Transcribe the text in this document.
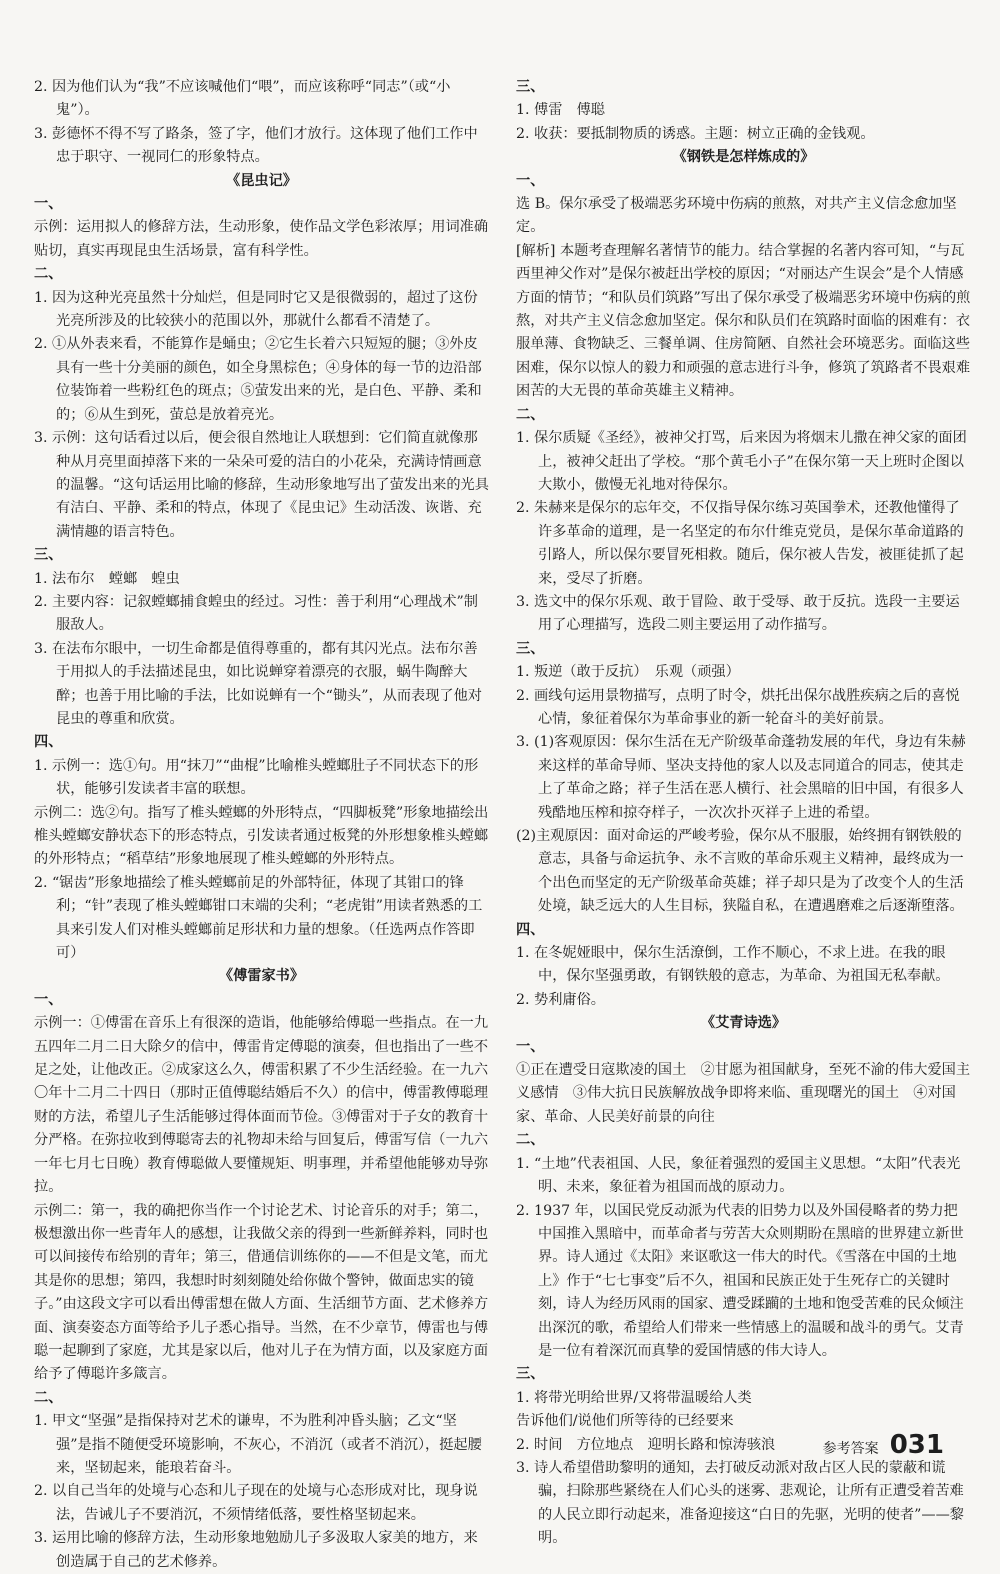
2. 因为他们认为“我”不应该喊他们“喂”，而应该称呼“同志”（或“小鬼”）。

3. 彭德怀不得不写了路条，签了字，他们才放行。这体现了他们工作中忠于职守、一视同仁的形象特点。

《昆虫记》

一、

示例：运用拟人的修辞方法，生动形象，使作品文学色彩浓厚；用词准确贴切，真实再现昆虫生活场景，富有科学性。

二、

1. 因为这种光亮虽然十分灿烂，但是同时它又是很微弱的，超过了这份光亮所涉及的比较狭小的范围以外，那就什么都看不清楚了。

2. ①从外表来看，不能算作是蛹虫；②它生长着六只短短的腿；③外皮具有一些十分美丽的颜色，如全身黑棕色；④身体的每一节的边沿部位装饰着一些粉红色的斑点；⑤萤发出来的光，是白色、平静、柔和的；⑥从生到死，萤总是放着亮光。

3. 示例：这句话看过以后，便会很自然地让人联想到：它们简直就像那种从月亮里面掉落下来的一朵朵可爱的洁白的小花朵，充满诗情画意的温馨。“这句话运用比喻的修辞，生动形象地写出了萤发出来的光具有洁白、平静、柔和的特点，体现了《昆虫记》生动活泼、诙谐、充满情趣的语言特色。

三、

1. 法布尔　螳螂　蝗虫

2. 主要内容：记叙螳螂捕食蝗虫的经过。习性：善于利用“心理战术”制服敌人。

3. 在法布尔眼中，一切生命都是值得尊重的，都有其闪光点。法布尔善于用拟人的手法描述昆虫，如比说蝉穿着漂亮的衣服，蜗牛陶醉大醉；也善于用比喻的手法，比如说蝉有一个“锄头”，从而表现了他对昆虫的尊重和欣赏。

四、

1. 示例一：选①句。用“抹刀”“曲棍”比喻椎头螳螂肚子不同状态下的形状，能够引发读者丰富的联想。

示例二：选②句。指写了椎头螳螂的外形特点，“四脚板凳”形象地描绘出椎头螳螂安静状态下的形态特点，引发读者通过板凳的外形想象椎头螳螂的外形特点；“稻草结”形象地展现了椎头螳螂的外形特点。

2. “锯齿”形象地描绘了椎头螳螂前足的外部特征，体现了其钳口的锋利；“针”表现了椎头螳螂钳口末端的尖利；“老虎钳”用读者熟悉的工具来引发人们对椎头螳螂前足形状和力量的想象。（任选两点作答即可）

《傅雷家书》

一、

示例一：①傅雷在音乐上有很深的造诣，他能够给傅聪一些指点。在一九五四年二月二日大除夕的信中，傅雷肯定傅聪的演奏，但也指出了一些不足之处，让他改正。②成家这么久，傅雷积累了不少生活经验。在一九六〇年十二月二十四日（那时正值傅聪结婚后不久）的信中，傅雷教傅聪理财的方法，希望儿子生活能够过得体面而节俭。③傅雷对于子女的教育十分严格。在弥拉收到傅聪寄去的礼物却未给与回复后，傅雷写信（一九六一年七月七日晚）教育傅聪做人要懂规矩、明事理，并希望他能够劝导弥拉。

示例二：第一，我的确把你当作一个讨论艺术、讨论音乐的对手；第二，极想激出你一些青年人的感想，让我做父亲的得到一些新鲜养料，同时也可以间接传布给别的青年；第三，借通信训练你的——不但是文笔，而尤其是你的思想；第四，我想时时刻刻随处给你做个警钟，做面忠实的镜子。”由这段文字可以看出傅雷想在做人方面、生活细节方面、艺术修养方面、演奏姿态方面等给予儿子悉心指导。当然，在不少章节，傅雷也与傅聪一起聊到了家庭，尤其是家以后，他对儿子在为情方面，以及家庭方面给予了傅聪许多箴言。

二、

1. 甲文“坚强”是指保持对艺术的谦卑，不为胜利冲昏头脑；乙文“坚强”是指不随便受环境影响，不灰心，不消沉（或者不消沉），挺起腰来，坚韧起来，能琅若奋斗。

2. 以自己当年的处境与心态和儿子现在的处境与心态形成对比，现身说法，告诫儿子不要消沉，不须情绪低落，要性格坚韧起来。

3. 运用比喻的修辞方法，生动形象地勉励儿子多汲取人家美的地方，来创造属于自己的艺术修养。

三、

1. 傅雷　傅聪

2. 收获：要抵制物质的诱惑。主题：树立正确的金钱观。

《钢铁是怎样炼成的》

一、

选 B。保尔承受了极端恶劣环境中伤病的煎熬，对共产主义信念愈加坚定。

[解析] 本题考查理解名著情节的能力。结合掌握的名著内容可知，“与瓦西里神父作对”是保尔被赶出学校的原因；“对丽达产生误会”是个人情感方面的情节；“和队员们筑路”写出了保尔承受了极端恶劣环境中伤病的煎熬，对共产主义信念愈加坚定。保尔和队员们在筑路时面临的困难有：衣服单薄、食物缺乏、三餐单调、住房简陋、自然社会环境恶劣。面临这些困难，保尔以惊人的毅力和顽强的意志进行斗争，修筑了筑路者不畏艰难困苦的大无畏的革命英雄主义精神。

二、

1. 保尔质疑《圣经》，被神父打骂，后来因为将烟末儿撒在神父家的面团上，被神父赶出了学校。“那个黄毛小子”在保尔第一天上班时企图以大欺小，傲慢无礼地对待保尔。

2. 朱赫来是保尔的忘年交，不仅指导保尔练习英国拳术，还教他懂得了许多革命的道理，是一名坚定的布尔什维克党员，是保尔革命道路的引路人，所以保尔要冒死相救。随后，保尔被人告发，被匪徒抓了起来，受尽了折磨。

3. 选文中的保尔乐观、敢于冒险、敢于受辱、敢于反抗。选段一主要运用了心理描写，选段二则主要运用了动作描写。

三、

1. 叛逆（敢于反抗）　乐观（顽强）

2. 画线句运用景物描写，点明了时令，烘托出保尔战胜疾病之后的喜悦心情，象征着保尔为革命事业的新一轮奋斗的美好前景。

3. (1)客观原因：保尔生活在无产阶级革命蓬勃发展的年代，身边有朱赫来这样的革命导师、坚决支持他的家人以及志同道合的同志，使其走上了革命之路；祥子生活在恶人横行、社会黑暗的旧中国，有很多人残酷地压榨和掠夺样子，一次次扑灭祥子上进的希望。

(2)主观原因：面对命运的严峻考验，保尔从不服服，始终拥有钢铁般的意志，具备与命运抗争、永不言败的革命乐观主义精神，最终成为一个出色而坚定的无产阶级革命英雄；祥子却只是为了改变个人的生活处境，缺乏远大的人生目标，狭隘自私，在遭遇磨难之后逐渐堕落。

四、

1. 在冬妮娅眼中，保尔生活潦倒，工作不顺心，不求上进。在我的眼中，保尔坚强勇敢，有钢铁般的意志，为革命、为祖国无私奉献。

2. 势利庸俗。

《艾青诗选》

一、

①正在遭受日寇欺凌的国土　②甘愿为祖国献身，至死不渝的伟大爱国主义感情　③伟大抗日民族解放战争即将来临、重现曙光的国土　④对国家、革命、人民美好前景的向往

二、

1. “土地”代表祖国、人民，象征着强烈的爱国主义思想。“太阳”代表光明、未来，象征着为祖国而战的原动力。

2. 1937 年，以国民党反动派为代表的旧势力以及外国侵略者的势力把中国推入黑暗中，而革命者与劳苦大众则期盼在黑暗的世界建立新世界。诗人通过《太阳》来讴歌这一伟大的时代。《雪落在中国的土地上》作于“七七事变”后不久，祖国和民族正处于生死存亡的关键时刻，诗人为经历风雨的国家、遭受蹂躏的土地和饱受苦难的民众倾注出深沉的歌，希望给人们带来一些情感上的温暖和战斗的勇气。艾青是一位有着深沉而真挚的爱国情感的伟大诗人。

三、

1. 将带光明给世界/又将带温暖给人类

告诉他们/说他们所等待的已经要来

2. 时间　方位地点　迎明长路和惊涛骇浪

3. 诗人希望借助黎明的通知，去打破反动派对敌占区人民的蒙蔽和谎骗，扫除那些紧绕在人们心头的迷雾、悲观论，让所有正遭受着苦难的人民立即行动起来，准备迎接这“白日的先驱，光明的使者”——黎明。

参考答案 031
